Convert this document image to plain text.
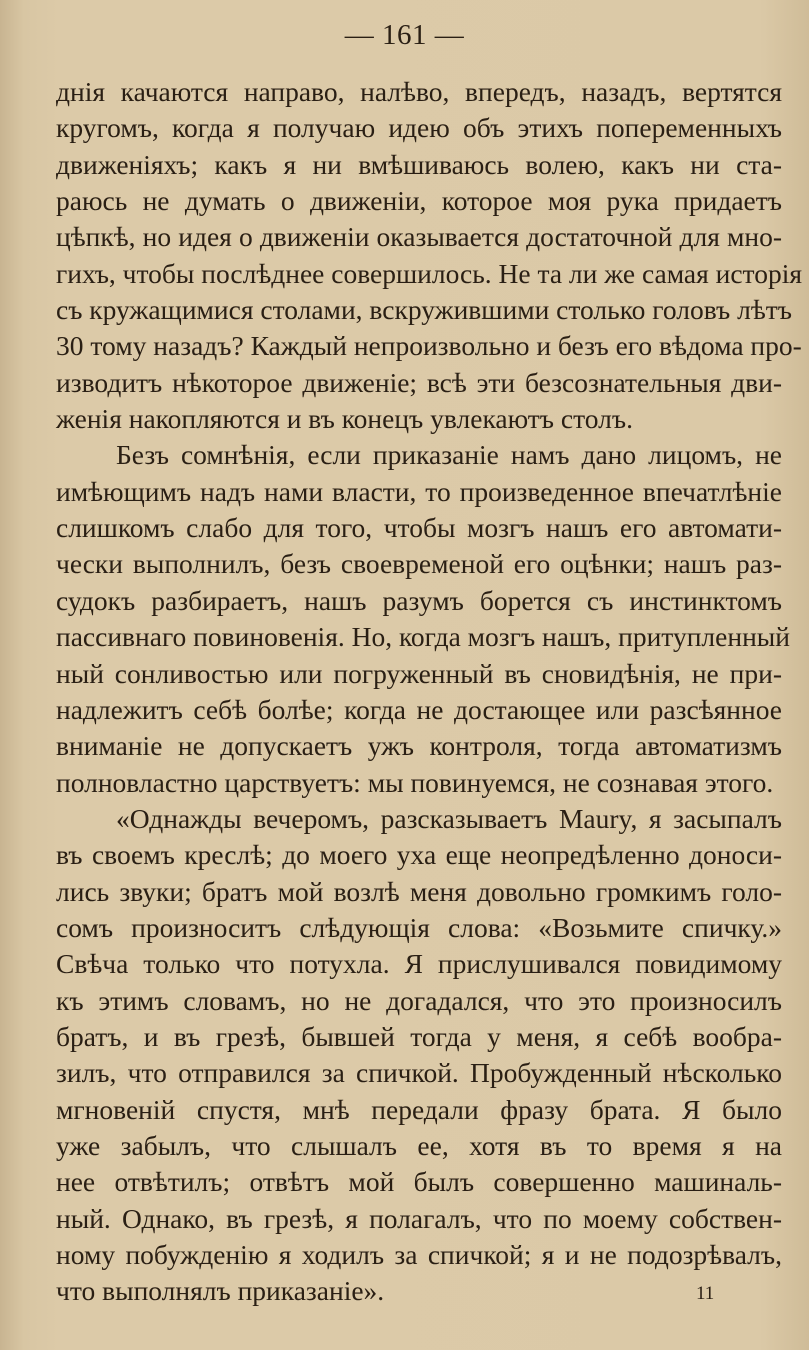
— 161 —
днія качаются направо, налѣво, впередъ, назадъ, вертятся
кругомъ, когда я получаю идею объ этихъ попеременныхъ
движеніяхъ; какъ я ни вмѣшиваюсь волею, какъ ни ста-
раюсь не думать о движеніи, которое моя рука придаетъ
цѣпкѣ, но идея о движеніи оказывается достаточной для мно-
гихъ, чтобы послѣднее совершилось. Не та ли же самая исторія
съ кружащимися столами, вскружившими столько головъ лѣтъ
30 тому назадъ? Каждый непроизвольно и безъ его вѣдома про-
изводитъ нѣкоторое движеніе; всѣ эти безсознательныя дви-
женія накопляются и въ конецъ увлекаютъ столъ.
Безъ сомнѣнія, если приказаніе намъ дано лицомъ, не
имѣющимъ надъ нами власти, то произведенное впечатлѣніе
слишкомъ слабо для того, чтобы мозгъ нашъ его автомати-
чески выполнилъ, безъ своевременой его оцѣнки; нашъ раз-
судокъ разбираетъ, нашъ разумъ борется съ инстинктомъ
пассивнаго повиновенія. Но, когда мозгъ нашъ, притупленный
ный сонливостью или погруженный въ сновидѣнія, не при-
надлежитъ себѣ болѣе; когда не достающее или разсѣянное
вниманіе не допускаетъ ужъ контроля, тогда автоматизмъ
полновластно царствуетъ: мы повинуемся, не сознавая этого.
«Однажды вечеромъ, разсказываетъ Maury, я засыпалъ
въ своемъ креслѣ; до моего уха еще неопредѣленно доноси-
лись звуки; братъ мой возлѣ меня довольно громкимъ голо-
сомъ произноситъ слѣдующія слова: «Возьмите спичку.»
Свѣча только что потухла. Я прислушивался повидимому
къ этимъ словамъ, но не догадался, что это произносилъ
братъ, и въ грезѣ, бывшей тогда у меня, я себѣ вообра-
зилъ, что отправился за спичкой. Пробужденный нѣсколько
мгновеній спустя, мнѣ передали фразу брата. Я было
уже забылъ, что слышалъ ее, хотя въ то время я на
нее отвѣтилъ; отвѣтъ мой былъ совершенно машиналь-
ный. Однако, въ грезѣ, я полагалъ, что по моему собствен-
ному побужденію я ходилъ за спичкой; я и не подозрѣвалъ,
что выполнялъ приказаніе».	11
